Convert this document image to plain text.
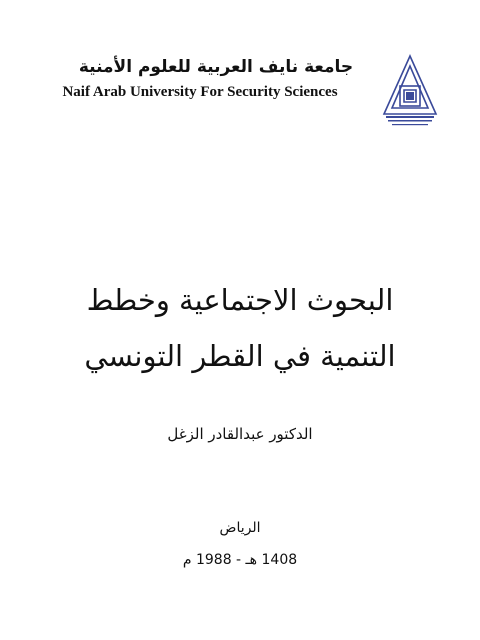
جامعة نايف العربية للعلوم الأمنية
Naif Arab University For Security Sciences
البحوث الاجتماعية وخطط
التنمية في القطر التونسي
الدكتور عبدالقادر الزغل
الرياض
1408 هـ - 1988 م
